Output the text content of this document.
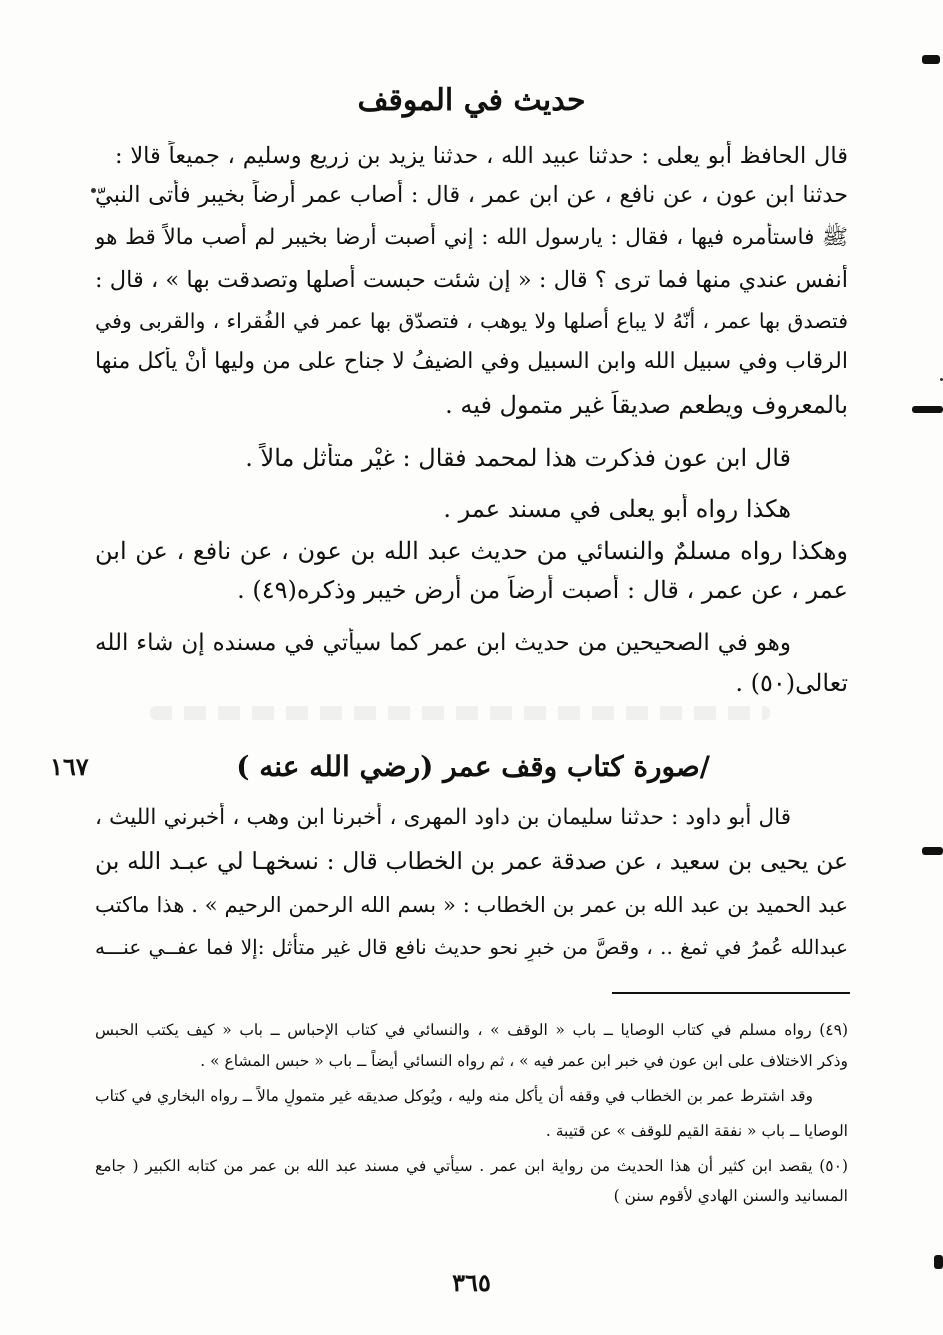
حديث في الموقف
قال الحافظ أبو يعلى : حدثنا عبيد الله ، حدثنا يزيد بن زريع وسليم ، جميعاً قالا :
حدثنا ابن عون ، عن نافع ، عن ابن عمر ، قال : أصاب عمر أرضاً بخيبر فأتى النبيّ
ﷺ فاستأمره فيها ، فقال : يارسول الله : إني أصبت أرضا بخيبر لم أصب مالاً قط هو
أنفس عندي منها فما ترى ؟ قال : « إن شئت حبست أصلها وتصدقت بها » ، قال :
فتصدق بها عمر ، أنّهُ لا يباع أصلها ولا يوهب ، فتصدّق بها عمر في الفُقراء ، والقربى وفي
الرقاب وفي سبيل الله وابن السبيل وفي الضيفُ لا جناح على من وليها أنْ يأكل منها
بالمعروف ويطعم صديقاً غير متمول فيه .
قال ابن عون فذكرت هذا لمحمد فقال : غيْر متأثل مالاً .
هكذا رواه أبو يعلى في مسند عمر .
وهكذا رواه مسلمٌ والنسائي من حديث عبد الله بن عون ، عن نافع ، عن ابن
عمر ، عن عمر ، قال : أصبت أرضاً من أرض خيبر وذكره(٤٩) .
وهو في الصحيحين من حديث ابن عمر كما سيأتي في مسنده إن شاء الله
تعالى(٥٠) .
١٦٧	/صورة كتاب وقف عمر (رضي الله عنه )
قال أبو داود : حدثنا سليمان بن داود المهرى ، أخبرنا ابن وهب ، أخبرني الليث ،
عن يحيى بن سعيد ، عن صدقة عمر بن الخطاب قال : نسخهـا لي عبـد الله بن
عبد الحميد بن عبد الله بن عمر بن الخطاب : « بسم الله الرحمن الرحيم » . هذا ماكتب
عبدالله عُمرُ في ثمغ .. ، وقصَّ من خبرٍ نحو حديث نافع قال غير متأثل :إلا فما عفــي عنـــه
(٤٩) رواه مسلم في كتاب الوصايا ــ باب « الوقف » ، والنسائي في كتاب الإحباس ــ باب « كيف يكتب الحبس
وذكر الاختلاف على ابن عون في خبر ابن عمر فيه » ، ثم رواه النسائي أيضاً ــ باب « حبس المشاع » .
وقد اشترط عمر بن الخطاب في وقفه أن يأكل منه وليه ، ويُوكل صديقه غير متمولٍ مالاً ــ رواه البخاري في كتاب
الوصايا ــ باب « نفقة القيم للوقف » عن قتيبة .
(٥٠) يقصد ابن كثير أن هذا الحديث من رواية ابن عمر . سيأتي في مسند عبد الله بن عمر من كتابه الكبير ( جامع
المسانيد والسنن الهادي لأقوم سنن )
٣٦٥
